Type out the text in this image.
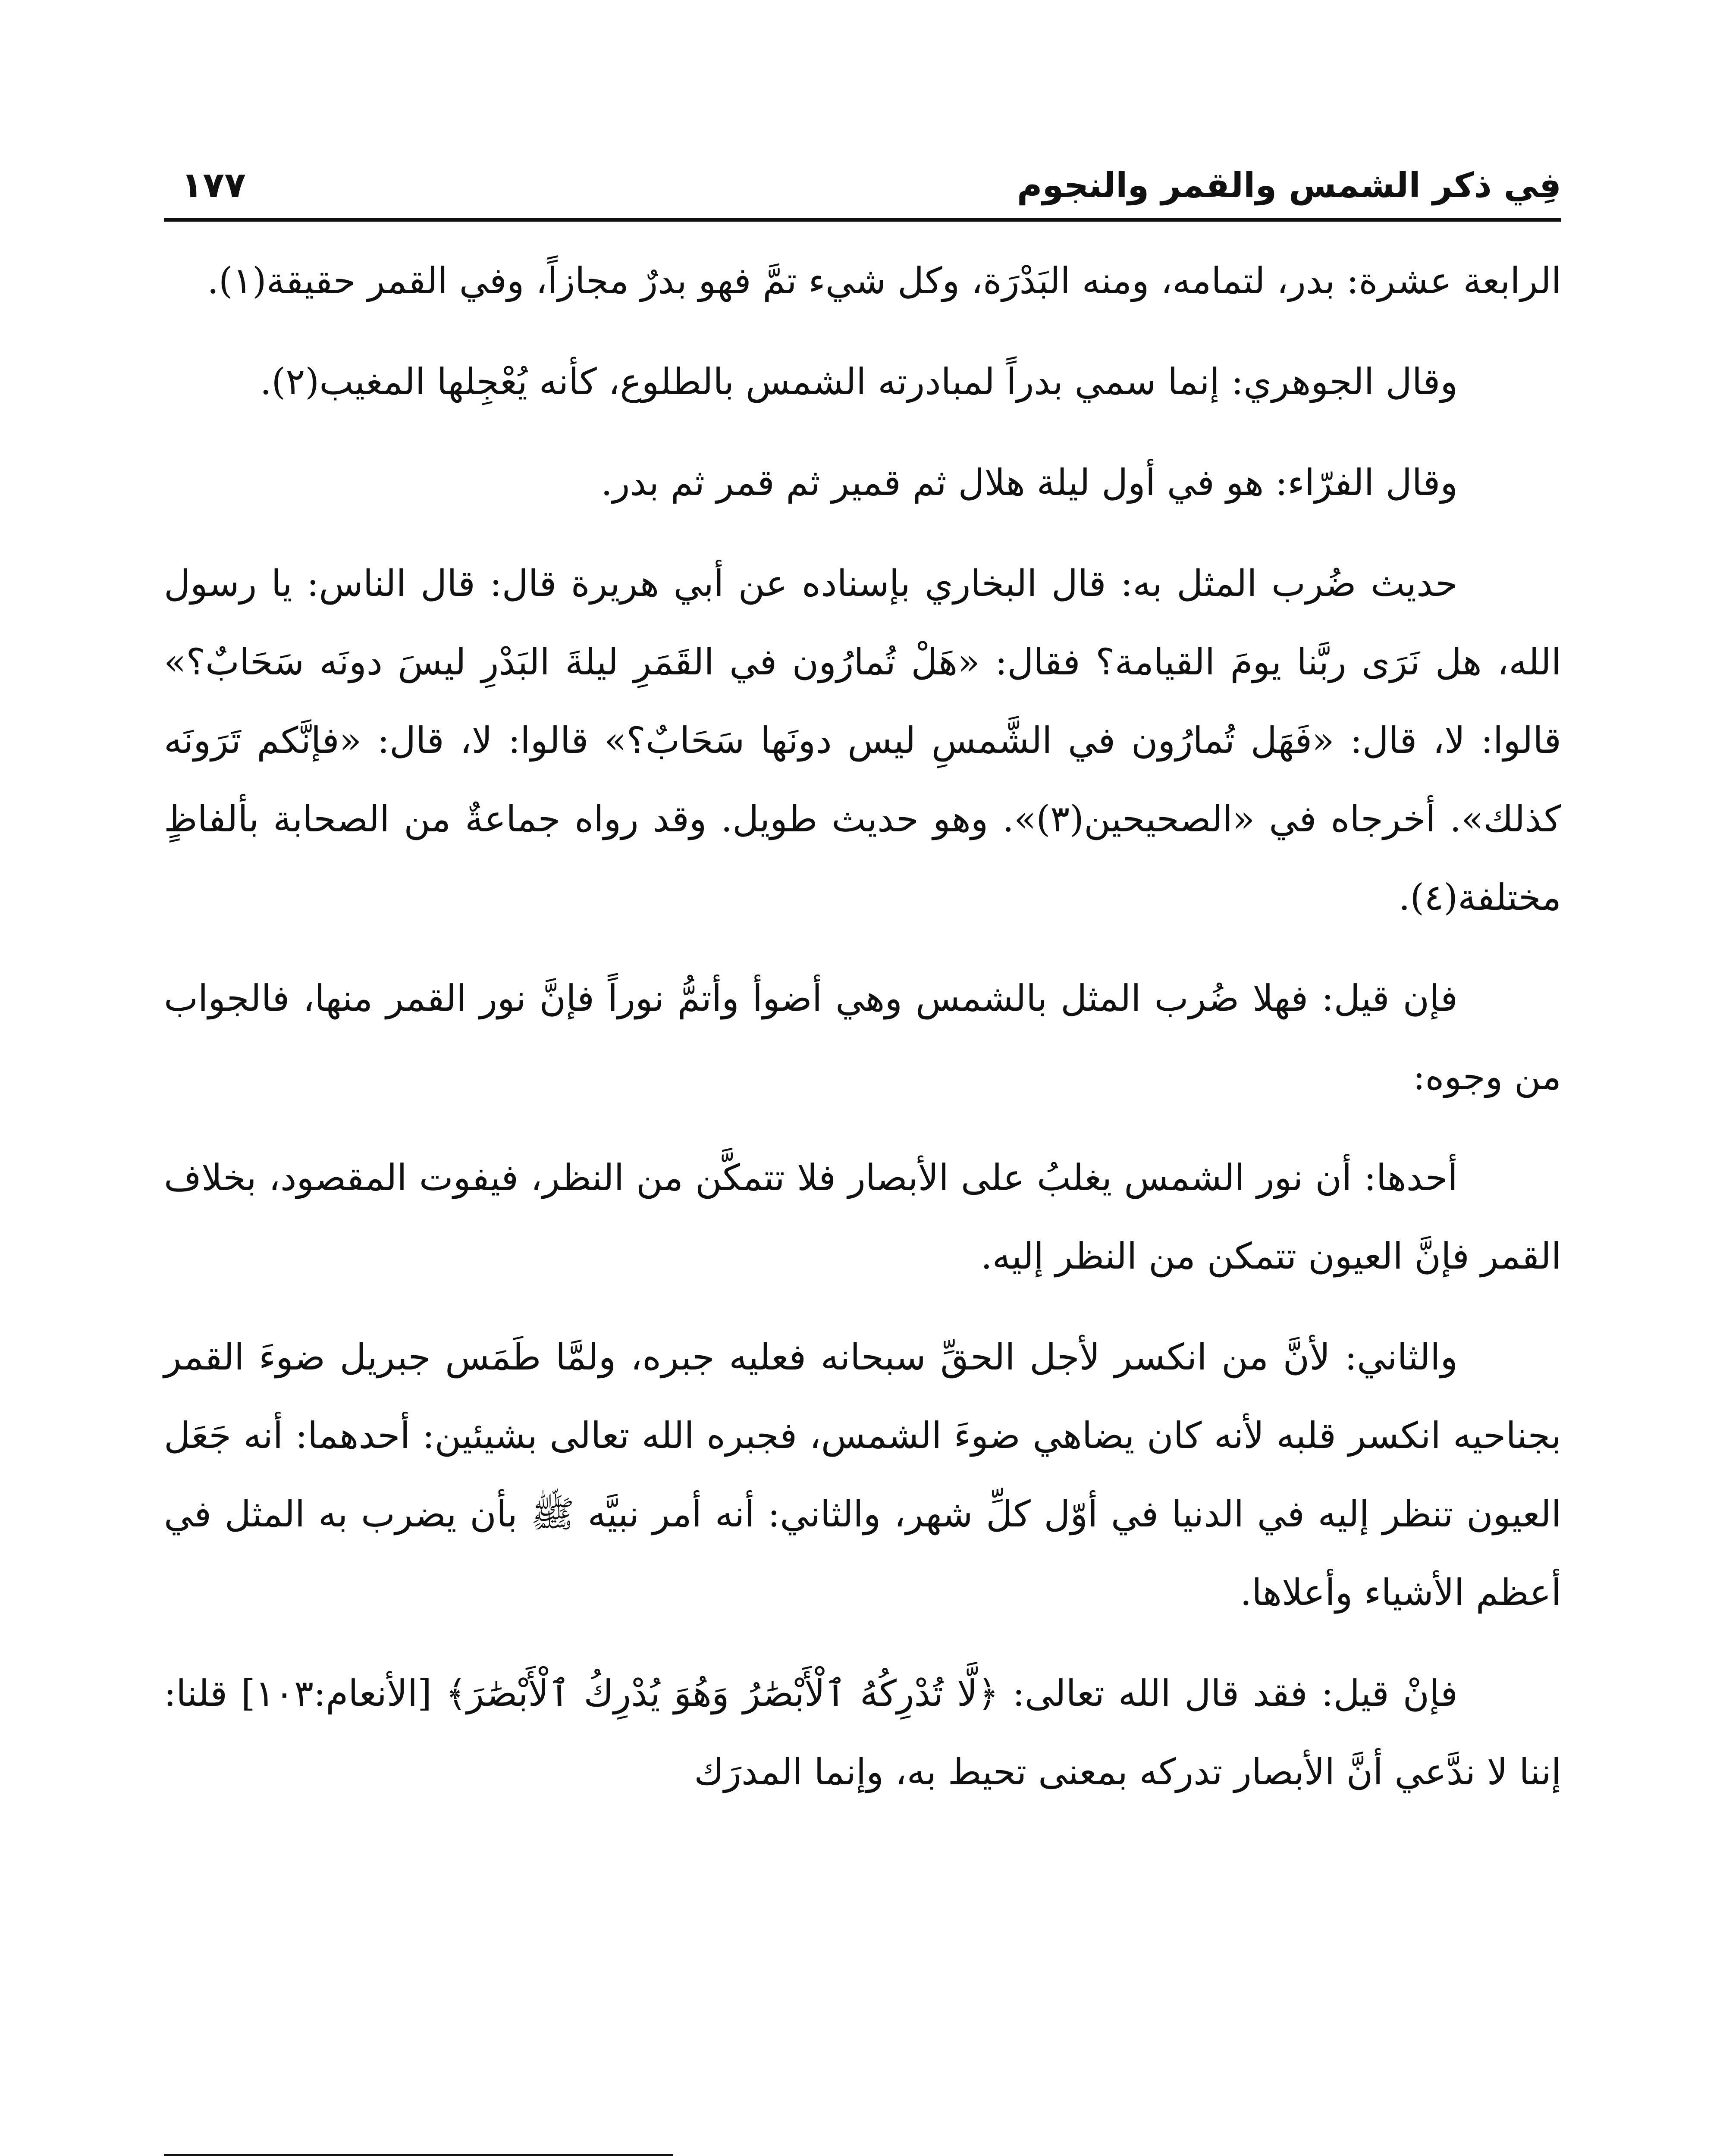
فِي ذكر الشمس والقمر والنجوم
١٧٧

الرابعة عشرة: بدر، لتمامه، ومنه البَدْرَة، وكل شيء تمَّ فهو بدرٌ مجازاً، وفي القمر حقيقة(١).

وقال الجوهري: إنما سمي بدراً لمبادرته الشمس بالطلوع، كأنه يُعْجِلها المغيب(٢).

وقال الفرّاء: هو في أول ليلة هلال ثم قمير ثم قمر ثم بدر.

حديث ضُرب المثل به: قال البخاري بإسناده عن أبي هريرة قال: قال الناس: يا رسول الله، هل نَرَى ربَّنا يومَ القيامة؟ فقال: «هَلْ تُمارُون في القَمَرِ ليلةَ البَدْرِ ليسَ دونَه سَحَابٌ؟» قالوا: لا، قال: «فَهَل تُمارُون في الشَّمسِ ليس دونَها سَحَابٌ؟» قالوا: لا، قال: «فإنَّكم تَرَونَه كذلك». أخرجاه في «الصحيحين(٣)». وهو حديث طويل. وقد رواه جماعةٌ من الصحابة بألفاظٍ مختلفة(٤).

فإن قيل: فهلا ضُرب المثل بالشمس وهي أضوأ وأتمُّ نوراً فإنَّ نور القمر منها، فالجواب من وجوه:

أحدها: أن نور الشمس يغلبُ على الأبصار فلا تتمكَّن من النظر، فيفوت المقصود، بخلاف القمر فإنَّ العيون تتمكن من النظر إليه.

والثاني: لأنَّ من انكسر لأجل الحقِّ سبحانه فعليه جبره، ولمَّا طَمَس جبريل ضوءَ القمر بجناحيه انكسر قلبه لأنه كان يضاهي ضوءَ الشمس، فجبره الله تعالى بشيئين: أحدهما: أنه جَعَل العيون تنظر إليه في الدنيا في أوّل كلِّ شهر، والثاني: أنه أمر نبيَّه ﷺ بأن يضرب به المثل في أعظم الأشياء وأعلاها.

فإنْ قيل: فقد قال الله تعالى: ﴿لَّا تُدْرِكُهُ ٱلْأَبْصَٰرُ وَهُوَ يُدْرِكُ ٱلْأَبْصَٰرَ﴾ [الأنعام:١٠٣] قلنا: إننا لا ندَّعي أنَّ الأبصار تدركه بمعنى تحيط به، وإنما المدرَك
